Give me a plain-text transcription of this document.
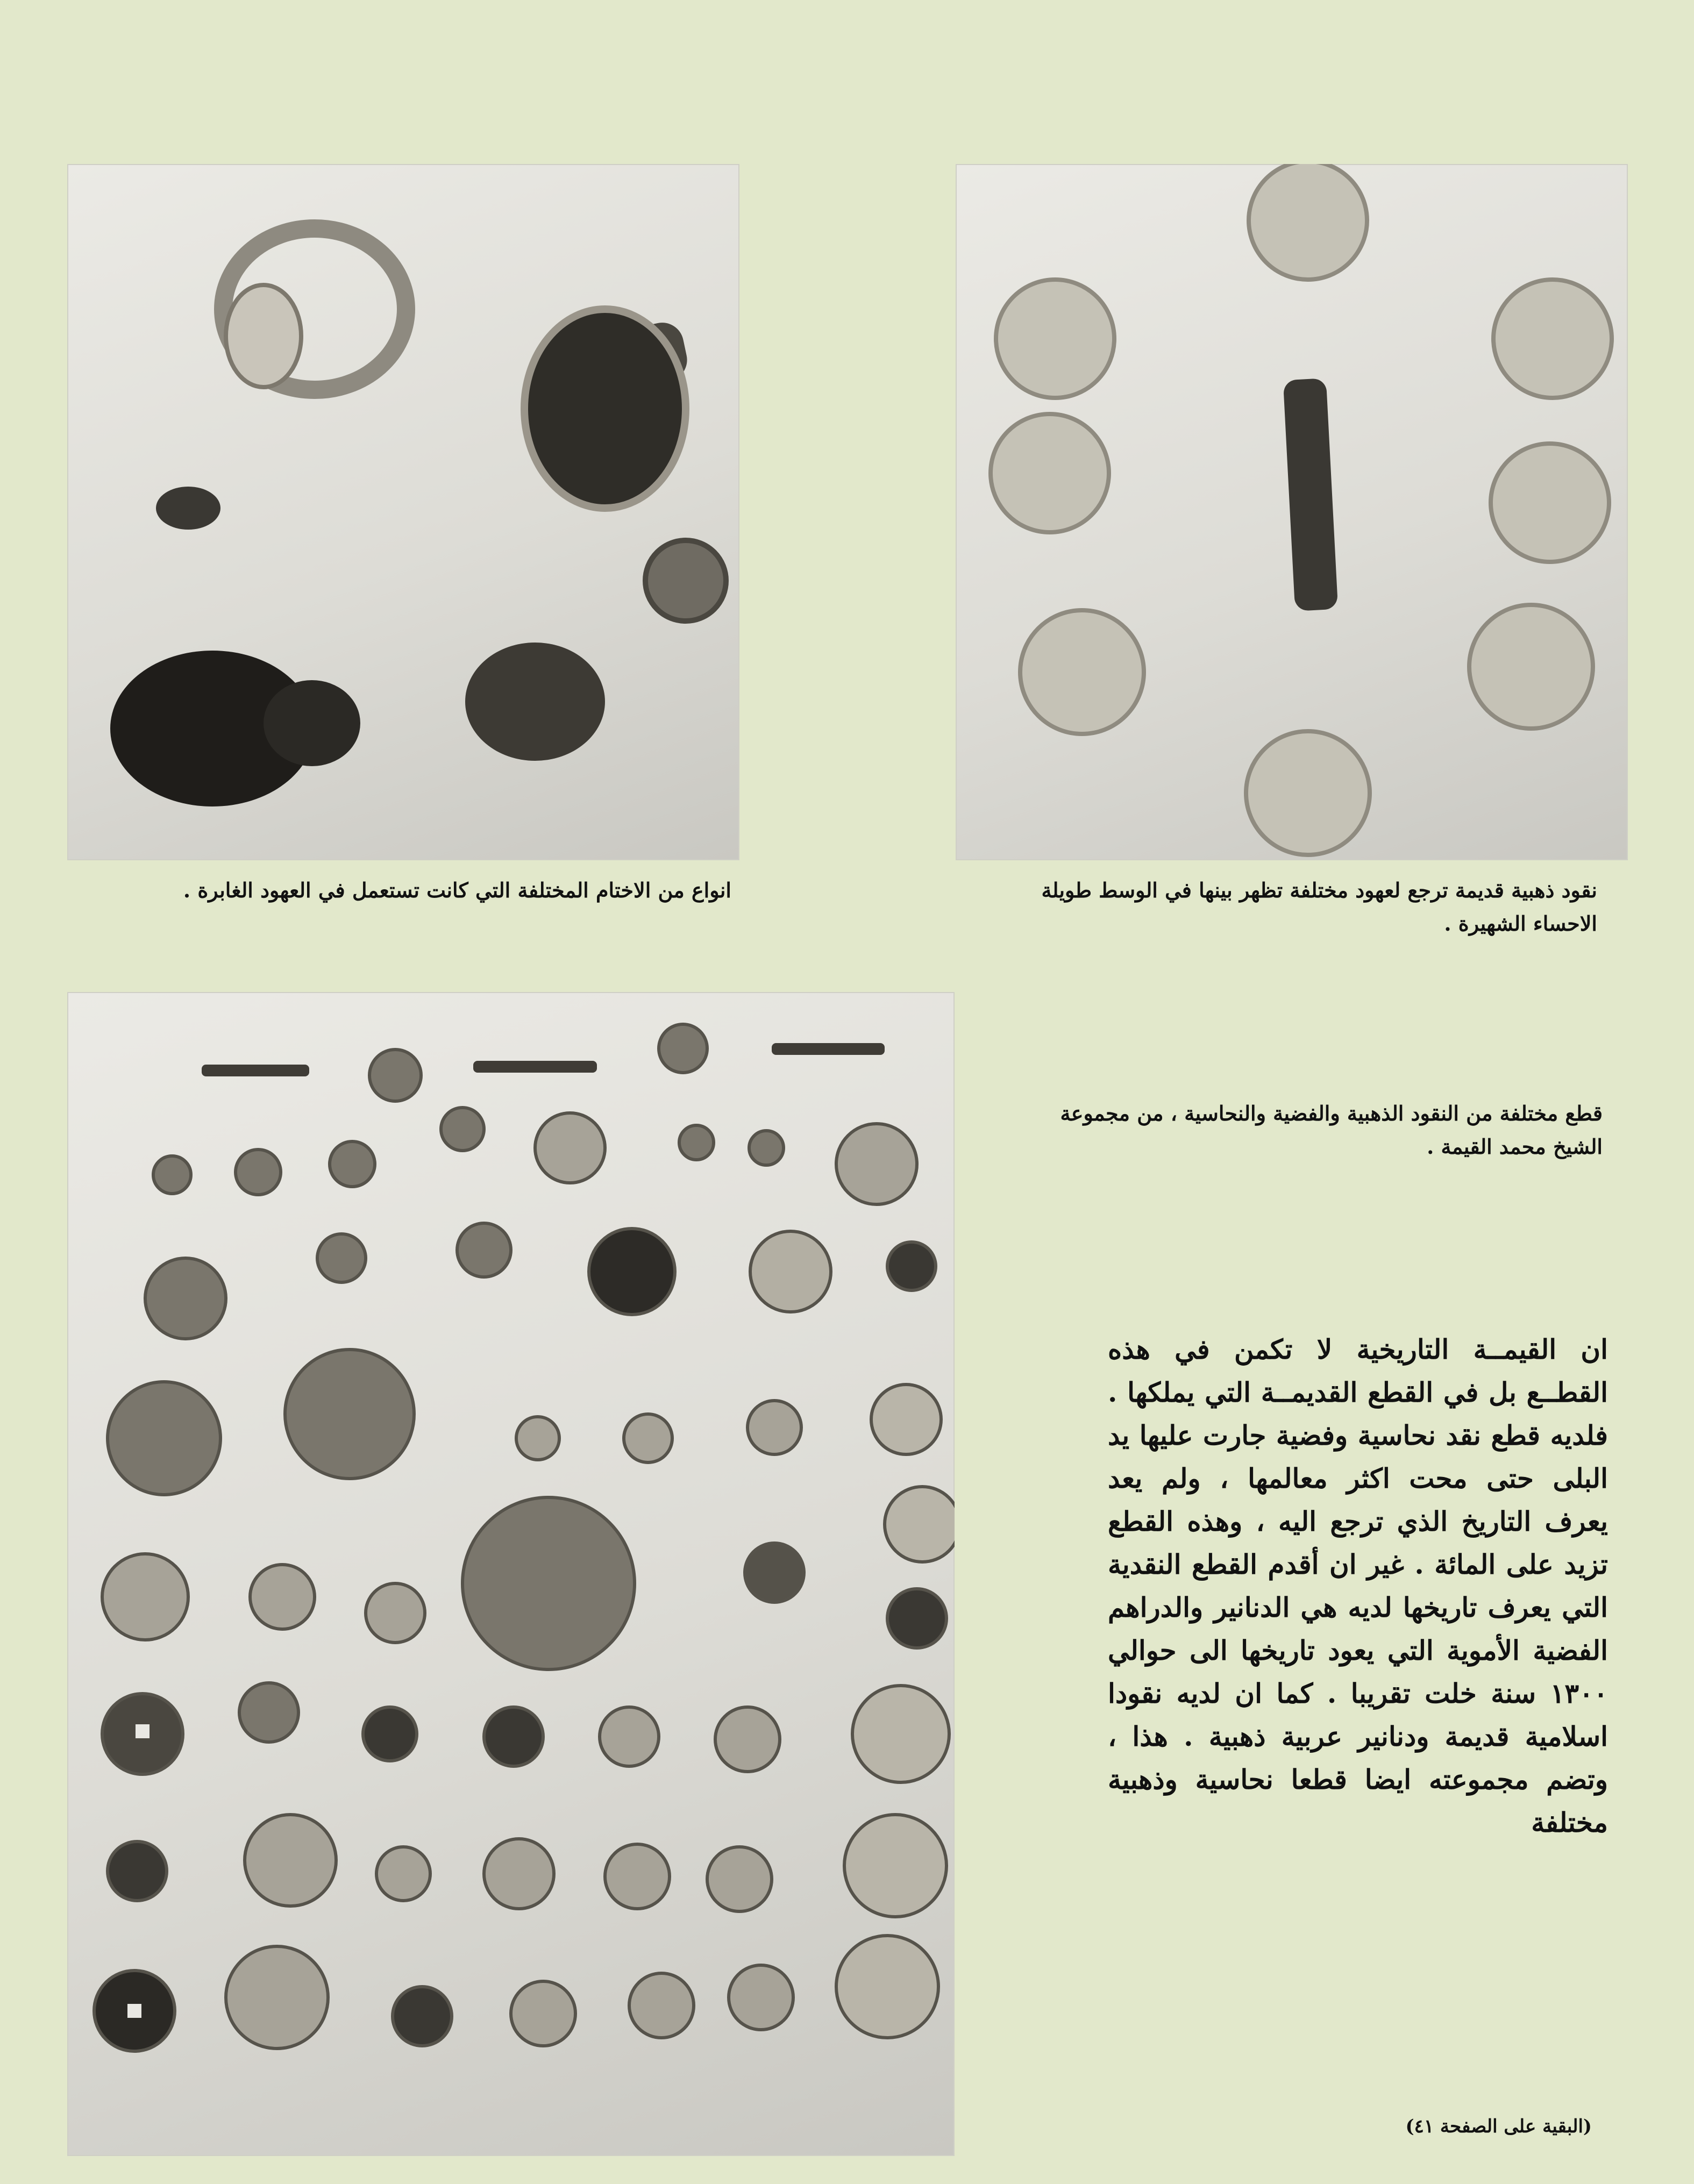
انواع من الاختام المختلفة التي كانت تستعمل في العهود الغابرة .	نقود ذهبية قديمة ترجع لعهود مختلفة تظهر بينها في الوسط طويلة الاحساء الشهيرة .
قطع مختلفة من النقود الذهبية والفضية والنحاسية ، من مجموعة الشيخ محمد القيمة .
ان القيمــة التاريخية لا تكمن في هذه القطــع بل في القطع القديمــة التي يملكها . فلديه قطع نقد نحاسية وفضية جارت عليها يد البلى حتى محت اكثر معالمها ، ولم يعد يعرف التاريخ الذي ترجع اليه ، وهذه القطع تزيد على المائة . غير ان أقدم القطع النقدية التي يعرف تاريخها لديه هي الدنانير والدراهم الفضية الأموية التي يعود تاريخها الى حوالي ١٣٠٠ سنة خلت تقريبا . كما ان لديه نقودا اسلامية قديمة ودنانير عربية ذهبية . هذا ، وتضم مجموعته ايضا قطعا نحاسية وذهبية مختلفة
(البقية على الصفحة ٤١)
